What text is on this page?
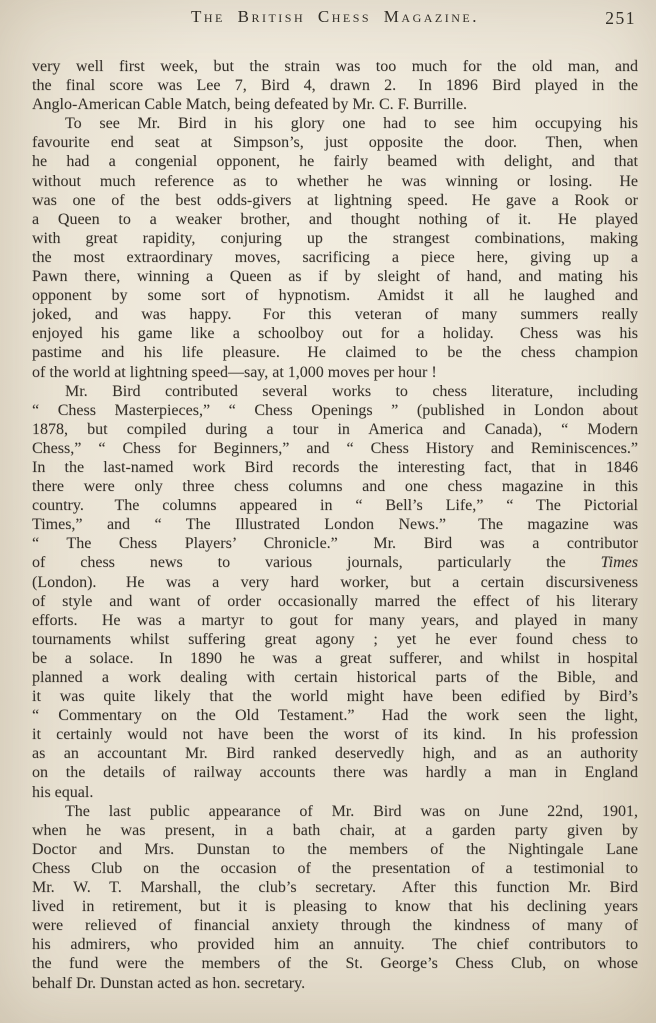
The British Chess Magazine.	251
very well first week, but the strain was too much for the old man, and
the final score was Lee 7, Bird 4, drawn 2.  In 1896 Bird played in the
Anglo-American Cable Match, being defeated by Mr. C. F. Burrille.
To see Mr. Bird in his glory one had to see him occupying his
favourite end seat at Simpson’s, just opposite the door.  Then, when
he had a congenial opponent, he fairly beamed with delight, and that
without much reference as to whether he was winning or losing.  He
was one of the best odds-givers at lightning speed.  He gave a Rook or
a Queen to a weaker brother, and thought nothing of it.  He played
with great rapidity, conjuring up the strangest combinations, making
the most extraordinary moves, sacrificing a piece here, giving up a
Pawn there, winning a Queen as if by sleight of hand, and mating his
opponent by some sort of hypnotism.  Amidst it all he laughed and
joked, and was happy.  For this veteran of many summers really
enjoyed his game like a schoolboy out for a holiday.  Chess was his
pastime and his life pleasure.  He claimed to be the chess champion
of the world at lightning speed—say, at 1,000 moves per hour !
Mr. Bird contributed several works to chess literature, including
“ Chess Masterpieces,” “ Chess Openings ” (published in London about
1878, but compiled during a tour in America and Canada), “ Modern
Chess,” “ Chess for Beginners,” and “ Chess History and Reminiscences.”
In the last-named work Bird records the interesting fact, that in 1846
there were only three chess columns and one chess magazine in this
country.  The columns appeared in “ Bell’s Life,” “ The Pictorial
Times,” and “ The Illustrated London News.”  The magazine was
“ The Chess Players’ Chronicle.”  Mr. Bird was a contributor
of chess news to various journals, particularly the Times
(London).  He was a very hard worker, but a certain discursiveness
of style and want of order occasionally marred the effect of his literary
efforts.  He was a martyr to gout for many years, and played in many
tournaments whilst suffering great agony ; yet he ever found chess to
be a solace.  In 1890 he was a great sufferer, and whilst in hospital
planned a work dealing with certain historical parts of the Bible, and
it was quite likely that the world might have been edified by Bird’s
“ Commentary on the Old Testament.”  Had the work seen the light,
it certainly would not have been the worst of its kind.  In his profession
as an accountant Mr. Bird ranked deservedly high, and as an authority
on the details of railway accounts there was hardly a man in England
his equal.
The last public appearance of Mr. Bird was on June 22nd, 1901,
when he was present, in a bath chair, at a garden party given by
Doctor and Mrs. Dunstan to the members of the Nightingale Lane
Chess Club on the occasion of the presentation of a testimonial to
Mr. W. T. Marshall, the club’s secretary.  After this function Mr. Bird
lived in retirement, but it is pleasing to know that his declining years
were relieved of financial anxiety through the kindness of many of
his admirers, who provided him an annuity.  The chief contributors to
the fund were the members of the St. George’s Chess Club, on whose
behalf Dr. Dunstan acted as hon. secretary.
